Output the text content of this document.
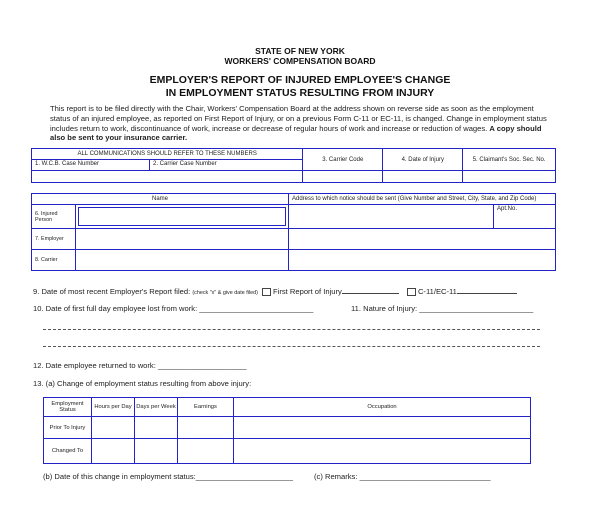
STATE OF NEW YORK
WORKERS' COMPENSATION BOARD
EMPLOYER'S REPORT OF INJURED EMPLOYEE'S CHANGE
IN EMPLOYMENT STATUS RESULTING FROM INJURY
This report is to be filed directly with the Chair, Workers' Compensation Board at the address shown on reverse side as soon as the employment status of an injured employee, as reported on First Report of Injury, or on a previous Form C-11 or EC-11, is changed. Change in employment status includes return to work, discontinuance of work, increase or decrease of regular hours of work and increase or reduction of wages. A copy should also be sent to your insurance carrier.
ALL COMMUNICATIONS SHOULD REFER TO THESE NUMBERS		3. Carrier Code	4. Date of Injury	5. Claimant's Soc. Sec. No.
1. W.C.B. Case Number	2. Carrier Case Number			

Name		Address to which notice should be sent (Give Number and Street, City, State, and Zip Code)	
6. Injured Person			Apt.No.
7. Employer			
8. Carrier			
9. Date of most recent Employer's Report filed: (check "x" & give date filed) First Report of Injury	C-11/EC-11
10. Date of first full day employee lost from work: ___________________________	11. Nature of Injury: ___________________________
12. Date employee returned to work: _____________________
13. (a) Change of employment status resulting from above injury:
Employment Status	Hours per Day	Days per Week	Earnings	Occupation
Prior To Injury				
Changed To				
(b) Date of this change in employment status:_______________________	(c) Remarks: _______________________________
